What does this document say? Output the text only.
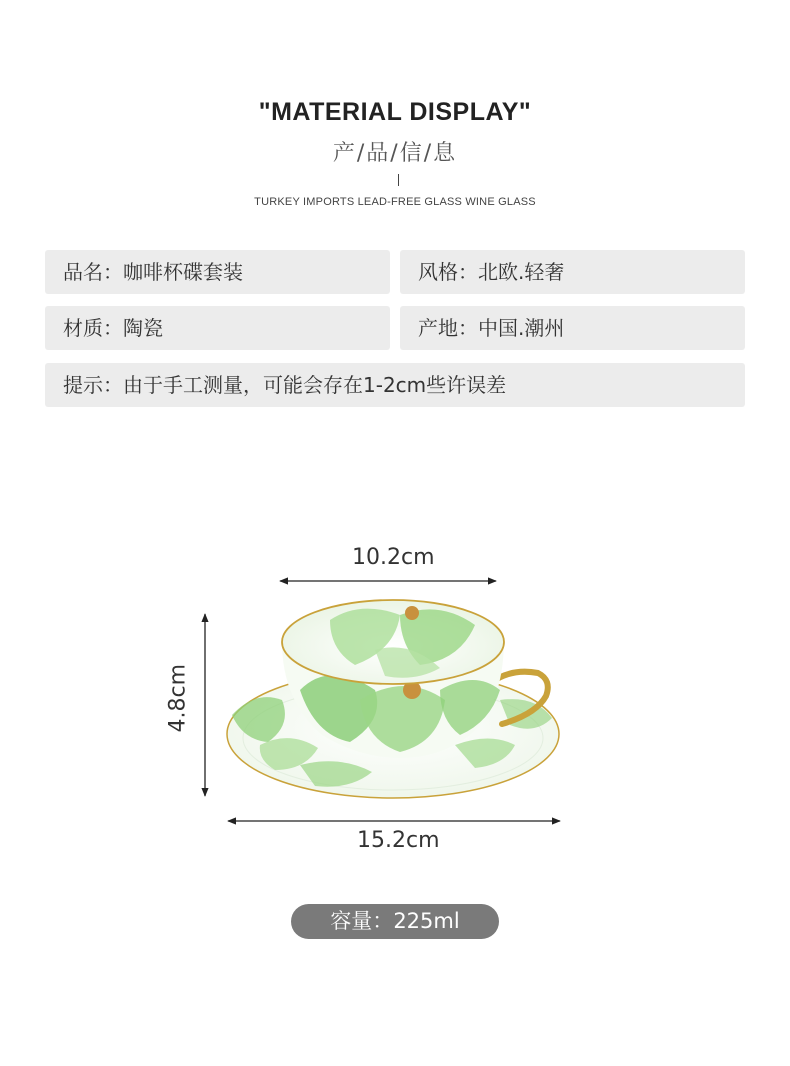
"MATERIAL DISPLAY"
产/品/信/息
TURKEY IMPORTS LEAD-FREE GLASS WINE GLASS
品名：咖啡杯碟套装	风格：北欧.轻奢
材质：陶瓷	产地：中国.潮州
提示：由于手工测量，可能会存在1-2cm些许误差
10.2cm
4.8cm
15.2cm
容量：225ml
